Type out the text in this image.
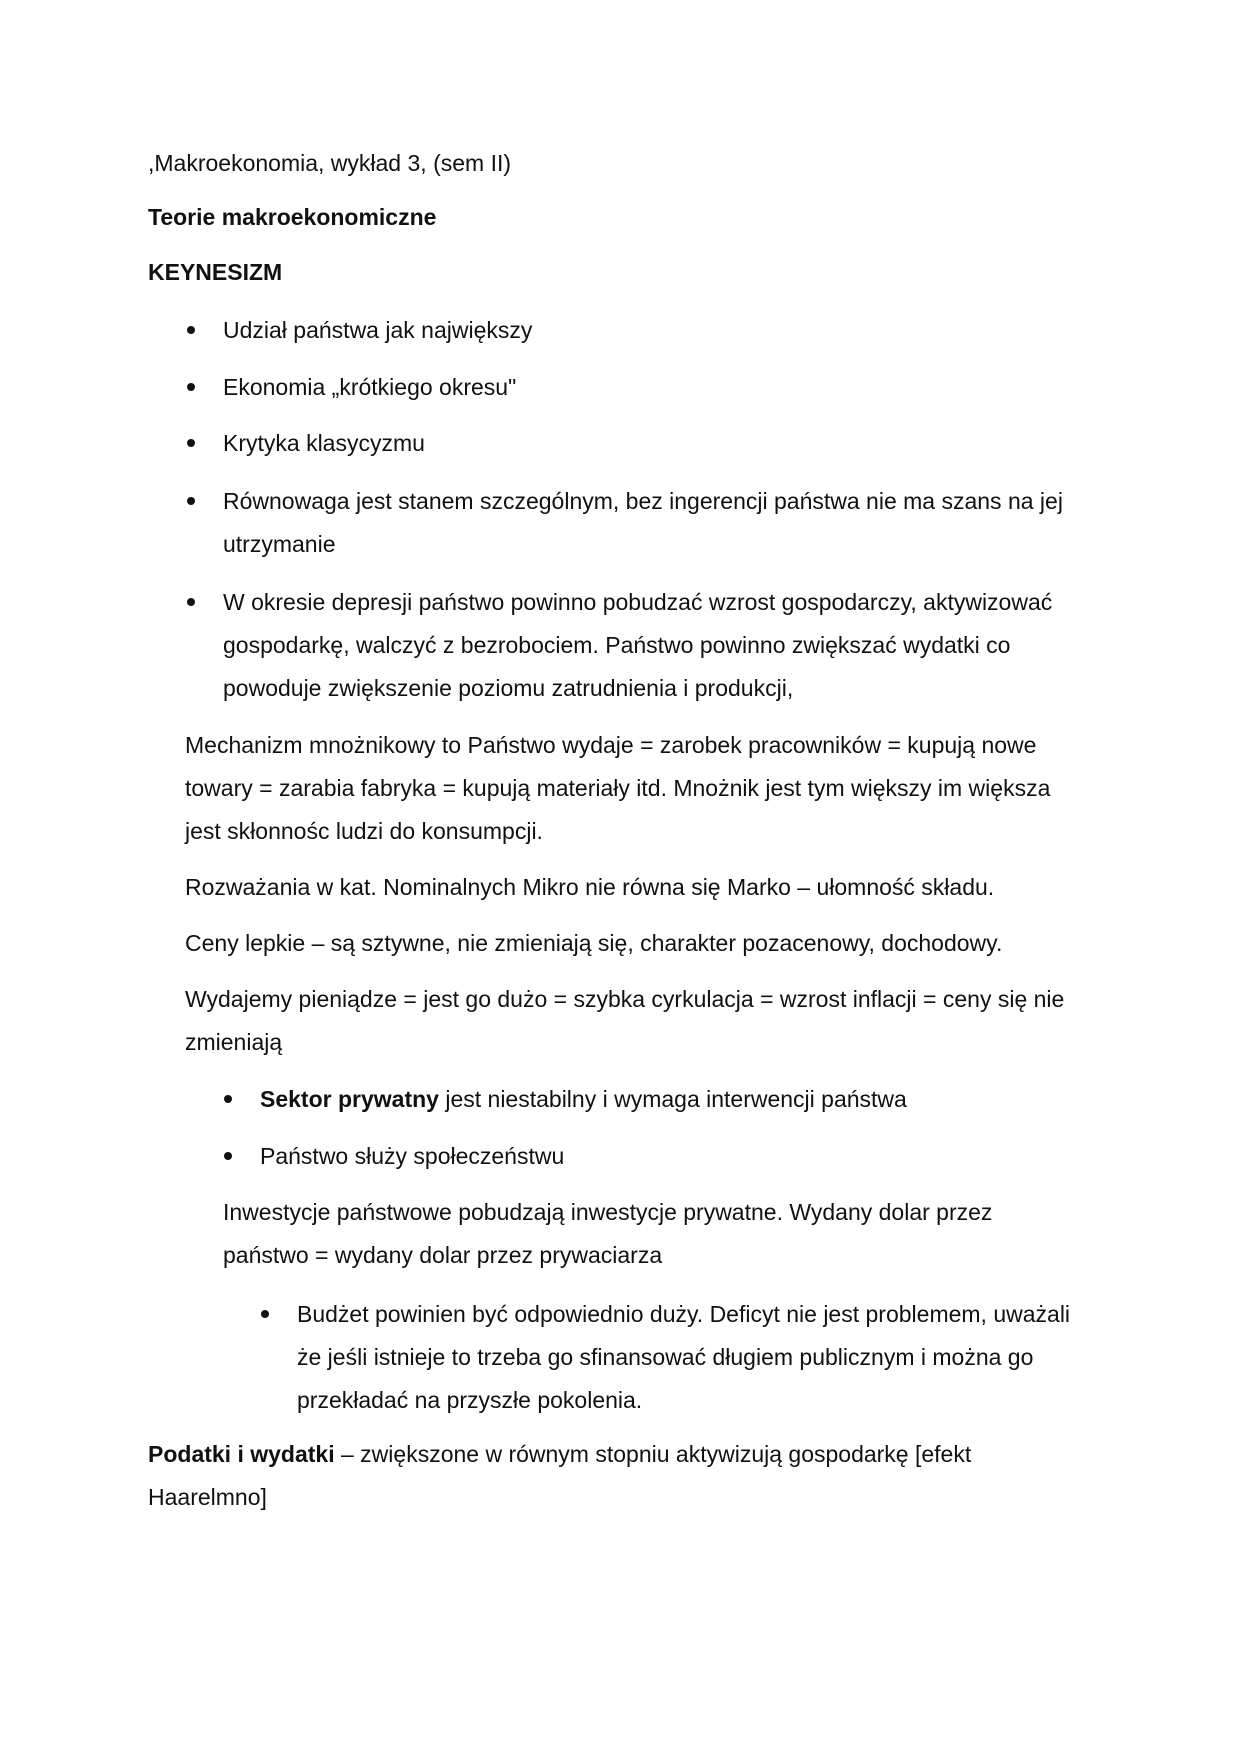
,Makroekonomia, wykład 3, (sem II)

Teorie makroekonomiczne

KEYNESIZM

Udział państwa jak największy

Ekonomia „krótkiego okresu"

Krytyka klasycyzmu

Równowaga jest stanem szczególnym, bez ingerencji państwa nie ma szans na jej utrzymanie

W okresie depresji państwo powinno pobudzać wzrost gospodarczy, aktywizować gospodarkę, walczyć z bezrobociem. Państwo powinno zwiększać wydatki co powoduje zwiększenie poziomu zatrudnienia i produkcji,

Mechanizm mnożnikowy to Państwo wydaje = zarobek pracowników = kupują nowe towary = zarabia fabryka = kupują materiały itd. Mnożnik jest tym większy im większa jest skłonnośc ludzi do konsumpcji.

Rozważania w kat. Nominalnych Mikro nie równa się Marko – ułomność składu.

Ceny lepkie – są sztywne, nie zmieniają się, charakter pozacenowy, dochodowy.

Wydajemy pieniądze = jest go dużo = szybka cyrkulacja = wzrost inflacji = ceny się nie zmieniają

Sektor prywatny jest niestabilny i wymaga interwencji państwa

Państwo służy społeczeństwu

Inwestycje państwowe pobudzają inwestycje prywatne. Wydany dolar przez państwo = wydany dolar przez prywaciarza

Budżet powinien być odpowiednio duży. Deficyt nie jest problemem, uważali że jeśli istnieje to trzeba go sfinansować długiem publicznym i można go przekładać na przyszłe pokolenia.

Podatki i wydatki – zwiększone w równym stopniu aktywizują gospodarkę [efekt Haarelmno]
